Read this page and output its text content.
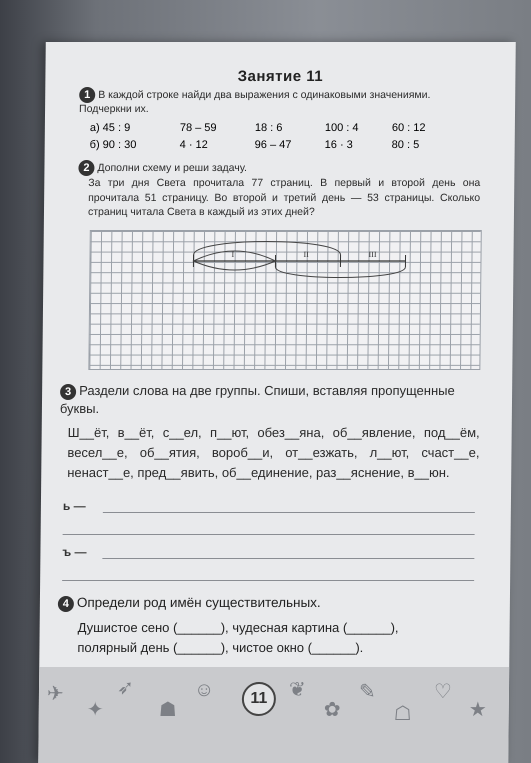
Занятие 11
1 В каждой строке найди два выражения с одинаковыми значениями. Подчеркни их.
а) 45 : 9	78 – 59	18 : 6	100 : 4	60 : 12
б) 90 : 30	4 · 12	96 – 47	16 · 3	80 : 5
2 Дополни схему и реши задачу.
За три дня Света прочитала 77 страниц. В первый и второй день она прочитала 51 страницу. Во второй и третий день — 53 страницы. Сколько страниц читала Света в каждый из этих дней?
I	II	III
3 Раздели слова на две группы. Спиши, вставляя пропущенные буквы.
Ш__ёт, в__ёт, с__ел, п__ют, обез__яна, об__явление, под__ём, весел__е, об__ятия, вороб__и, от__езжать, л__ют, счаст__е, ненаст__е, пред__явить, об__единение, раз__яснение, в__юн.
ь —
ъ —
4 Определи род имён существительных.
Душистое сено (______), чудесная картина (______),
полярный день (______), чистое окно (______).
✈
✦
➶
☗
☺	❦
✿
✎
☖
♡
★
11
